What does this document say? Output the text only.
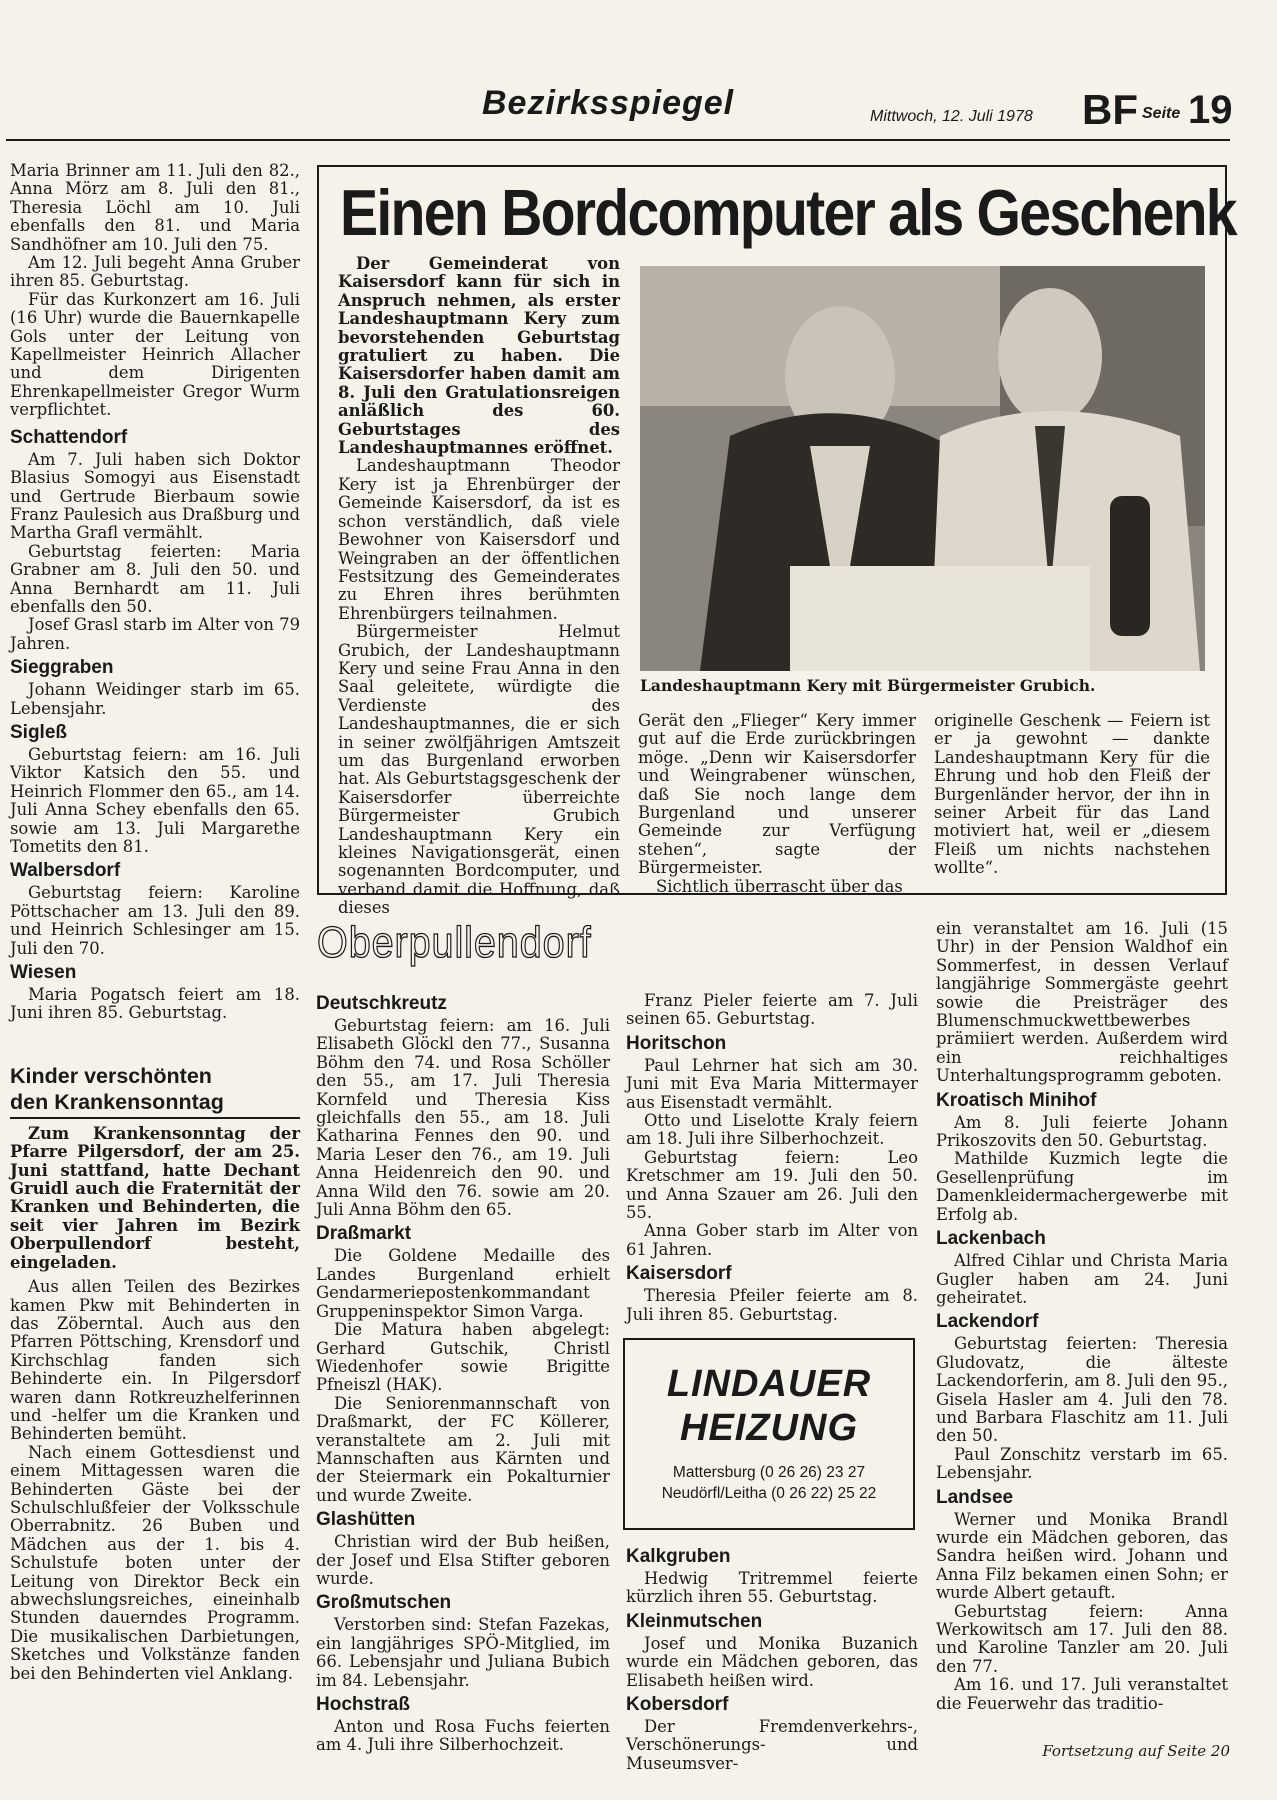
Bezirksspiegel	Mittwoch, 12. Juli 1978 BF Seite 19

Maria Brinner am 11. Juli den 82., Anna Mörz am 8. Juli den 81., Theresia Löchl am 10. Juli ebenfalls den 81. und Maria Sandhöfner am 10. Juli den 75.

Am 12. Juli begeht Anna Gruber ihren 85. Geburtstag.

Für das Kurkonzert am 16. Juli (16 Uhr) wurde die Bauernkapelle Gols unter der Leitung von Kapellmeister Heinrich Allacher und dem Dirigenten Ehrenkapellmeister Gregor Wurm verpflichtet.

Schattendorf

Am 7. Juli haben sich Doktor Blasius Somogyi aus Eisenstadt und Gertrude Bierbaum sowie Franz Paulesich aus Draßburg und Martha Grafl vermählt.

Geburtstag feierten: Maria Grabner am 8. Juli den 50. und Anna Bernhardt am 11. Juli ebenfalls den 50.

Josef Grasl starb im Alter von 79 Jahren.

Sieggraben

Johann Weidinger starb im 65. Lebensjahr.

Sigleß

Geburtstag feiern: am 16. Juli Viktor Katsich den 55. und Heinrich Flommer den 65., am 14. Juli Anna Schey ebenfalls den 65. sowie am 13. Juli Margarethe Tometits den 81.

Walbersdorf

Geburtstag feiern: Karoline Pöttschacher am 13. Juli den 89. und Heinrich Schlesinger am 15. Juli den 70.

Wiesen

Maria Pogatsch feiert am 18. Juni ihren 85. Geburtstag.

Kinder verschönten
den Krankensonntag

Zum Krankensonntag der Pfarre Pilgersdorf, der am 25. Juni stattfand, hatte Dechant Gruidl auch die Fraternität der Kranken und Behinderten, die seit vier Jahren im Bezirk Oberpullendorf besteht, eingeladen.

Aus allen Teilen des Bezirkes kamen Pkw mit Behinderten in das Zöberntal. Auch aus den Pfarren Pöttsching, Krensdorf und Kirchschlag fanden sich Behinderte ein. In Pilgersdorf waren dann Rotkreuzhelferinnen und -helfer um die Kranken und Behinderten bemüht.

Nach einem Gottesdienst und einem Mittagessen waren die Behinderten Gäste bei der Schulschlußfeier der Volksschule Oberrabnitz. 26 Buben und Mädchen aus der 1. bis 4. Schulstufe boten unter der Leitung von Direktor Beck ein abwechslungsreiches, eineinhalb Stunden dauerndes Programm. Die musikalischen Darbietungen, Sketches und Volkstänze fanden bei den Behinderten viel Anklang.

Einen Bordcomputer als Geschenk

Der Gemeinderat von Kaisersdorf kann für sich in Anspruch nehmen, als erster Landeshauptmann Kery zum bevorstehenden Geburtstag gratuliert zu haben. Die Kaisersdorfer haben damit am 8. Juli den Gratulationsreigen anläßlich des 60. Geburtstages des Landeshauptmannes eröffnet.

Landeshauptmann Theodor Kery ist ja Ehrenbürger der Gemeinde Kaisersdorf, da ist es schon verständlich, daß viele Bewohner von Kaisersdorf und Weingraben an der öffentlichen Festsitzung des Gemeinderates zu Ehren ihres berühmten Ehrenbürgers teilnahmen.

Bürgermeister Helmut Grubich, der Landeshauptmann Kery und seine Frau Anna in den Saal geleitete, würdigte die Verdienste des Landeshauptmannes, die er sich in seiner zwölfjährigen Amtszeit um das Burgenland erworben hat. Als Geburtstagsgeschenk der Kaisersdorfer überreichte Bürgermeister Grubich Landeshauptmann Kery ein kleines Navigationsgerät, einen sogenannten Bordcomputer, und verband damit die Hoffnung, daß dieses

Landeshauptmann Kery mit Bürgermeister Grubich.

Gerät den „Flieger“ Kery immer gut auf die Erde zurückbringen möge. „Denn wir Kaisersdorfer und Weingrabener wünschen, daß Sie noch lange dem Burgenland und unserer Gemeinde zur Verfügung stehen“, sagte der Bürgermeister.

Sichtlich überrascht über das

originelle Geschenk — Feiern ist er ja gewohnt — dankte Landeshauptmann Kery für die Ehrung und hob den Fleiß der Burgenländer hervor, der ihn in seiner Arbeit für das Land motiviert hat, weil er „diesem Fleiß um nichts nachstehen wollte“.

Oberpullendorf
Deutschkreutz

Geburtstag feiern: am 16. Juli Elisabeth Glöckl den 77., Susanna Böhm den 74. und Rosa Schöller den 55., am 17. Juli Theresia Kornfeld und Theresia Kiss gleichfalls den 55., am 18. Juli Katharina Fennes den 90. und Maria Leser den 76., am 19. Juli Anna Heidenreich den 90. und Anna Wild den 76. sowie am 20. Juli Anna Böhm den 65.

Draßmarkt

Die Goldene Medaille des Landes Burgenland erhielt Gendarmeriepostenkommandant Gruppeninspektor Simon Varga.

Die Matura haben abgelegt: Gerhard Gutschik, Christl Wiedenhofer sowie Brigitte Pfneiszl (HAK).

Die Seniorenmannschaft von Draßmarkt, der FC Köllerer, veranstaltete am 2. Juli mit Mannschaften aus Kärnten und der Steiermark ein Pokalturnier und wurde Zweite.

Glashütten

Christian wird der Bub heißen, der Josef und Elsa Stifter geboren wurde.

Großmutschen

Verstorben sind: Stefan Fazekas, ein langjähriges SPÖ-Mitglied, im 66. Lebensjahr und Juliana Bubich im 84. Lebensjahr.

Hochstraß

Anton und Rosa Fuchs feierten am 4. Juli ihre Silberhochzeit.

Franz Pieler feierte am 7. Juli seinen 65. Geburtstag.

Horitschon

Paul Lehrner hat sich am 30. Juni mit Eva Maria Mittermayer aus Eisenstadt vermählt.

Otto und Liselotte Kraly feiern am 18. Juli ihre Silberhochzeit.

Geburtstag feiern: Leo Kretschmer am 19. Juli den 50. und Anna Szauer am 26. Juli den 55.

Anna Gober starb im Alter von 61 Jahren.

Kaisersdorf

Theresia Pfeiler feierte am 8. Juli ihren 85. Geburtstag.

LINDAUER
HEIZUNG
Mattersburg (0 26 26) 23 27
Neudörfl/Leitha (0 26 22) 25 22
Kalkgruben

Hedwig Tritremmel feierte kürzlich ihren 55. Geburtstag.

Kleinmutschen

Josef und Monika Buzanich wurde ein Mädchen geboren, das Elisabeth heißen wird.

Kobersdorf

Der Fremdenverkehrs-, Verschönerungs- und Museumsver-

ein veranstaltet am 16. Juli (15 Uhr) in der Pension Waldhof ein Sommerfest, in dessen Verlauf langjährige Sommergäste geehrt sowie die Preisträger des Blumenschmuckwettbewerbes prämiiert werden. Außerdem wird ein reichhaltiges Unterhaltungsprogramm geboten.

Kroatisch Minihof

Am 8. Juli feierte Johann Prikoszovits den 50. Geburtstag.

Mathilde Kuzmich legte die Gesellenprüfung im Damenkleidermachergewerbe mit Erfolg ab.

Lackenbach

Alfred Cihlar und Christa Maria Gugler haben am 24. Juni geheiratet.

Lackendorf

Geburtstag feierten: Theresia Gludovatz, die älteste Lackendorferin, am 8. Juli den 95., Gisela Hasler am 4. Juli den 78. und Barbara Flaschitz am 11. Juli den 50.

Paul Zonschitz verstarb im 65. Lebensjahr.

Landsee

Werner und Monika Brandl wurde ein Mädchen geboren, das Sandra heißen wird. Johann und Anna Filz bekamen einen Sohn; er wurde Albert getauft.

Geburtstag feiern: Anna Werkowitsch am 17. Juli den 88. und Karoline Tanzler am 20. Juli den 77.

Am 16. und 17. Juli veranstaltet die Feuerwehr das traditio-

Fortsetzung auf Seite 20
